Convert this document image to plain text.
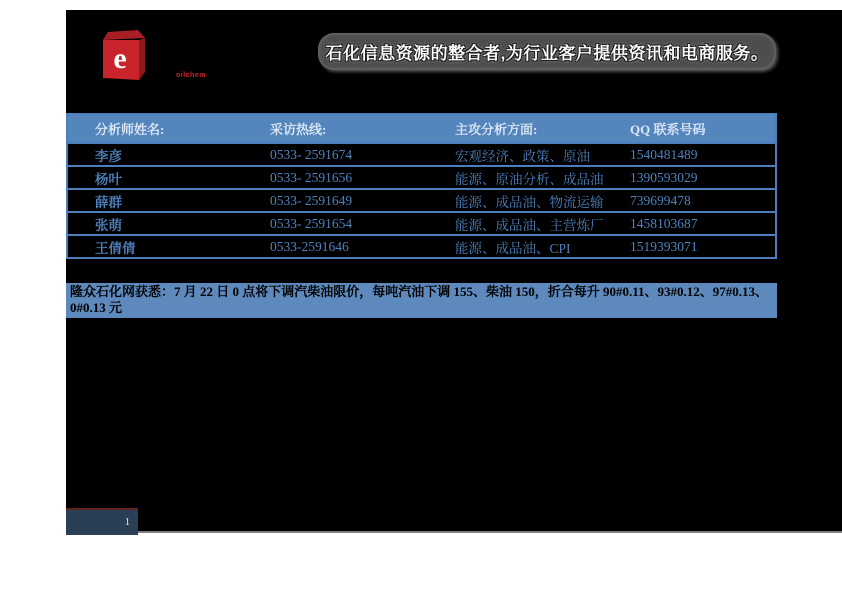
e
oilchem
石化信息资源的整合者,为行业客户提供资讯和电商服务。
分析师姓名:	采访热线:	主攻分析方面:	QQ 联系号码
李彦	0533- 2591674	宏观经济、政策、原油	1540481489
杨叶	0533- 2591656	能源、原油分析、成品油	1390593029
薛群	0533- 2591649	能源、成品油、物流运输	739699478
张萌	0533- 2591654	能源、成品油、主营炼厂	1458103687
王倩倩	0533-2591646	能源、成品油、CPI	1519393071
隆众石化网获悉：7 月 22 日 0 点将下调汽柴油限价，每吨汽油下调 155、柴油 150，折合每升 90#0.11、93#0.12、97#0.13、0#0.13 元
1
